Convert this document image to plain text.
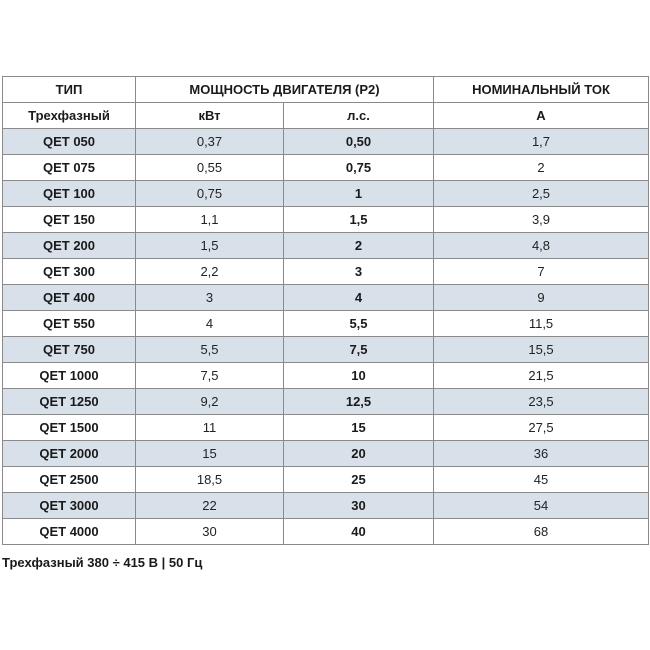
ТИП	МОЩНОСТЬ ДВИГАТЕЛЯ (P2)		НОМИНАЛЬНЫЙ ТОК
Трехфазный	кВт	л.с.	A
QET 050	0,37	0,50	1,7
QET 075	0,55	0,75	2
QET 100	0,75	1	2,5
QET 150	1,1	1,5	3,9
QET 200	1,5	2	4,8
QET 300	2,2	3	7
QET 400	3	4	9
QET 550	4	5,5	11,5
QET 750	5,5	7,5	15,5
QET 1000	7,5	10	21,5
QET 1250	9,2	12,5	23,5
QET 1500	11	15	27,5
QET 2000	15	20	36
QET 2500	18,5	25	45
QET 3000	22	30	54
QET 4000	30	40	68
Трехфазный 380 ÷ 415 В | 50 Гц
